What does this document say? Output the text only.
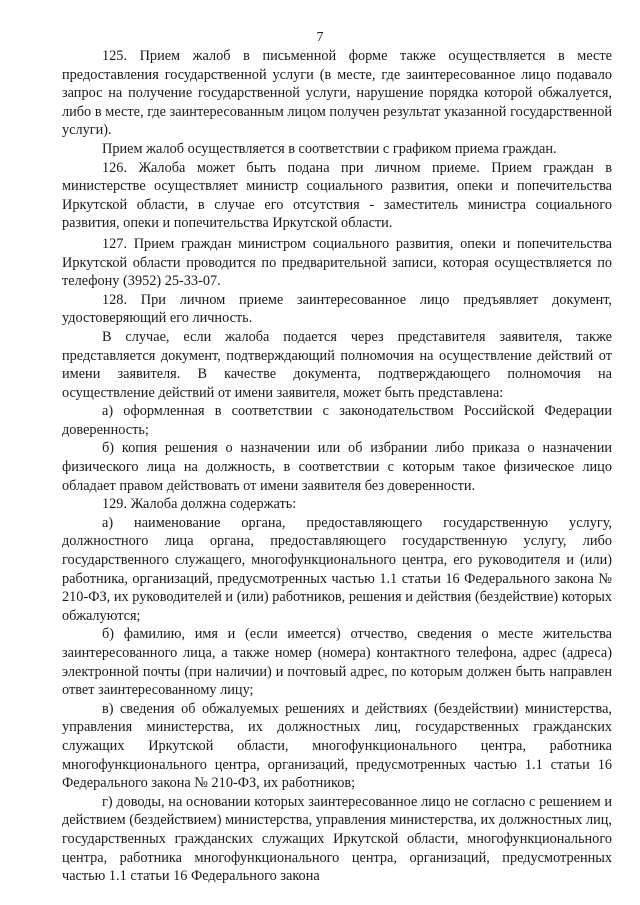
7

125. Прием жалоб в письменной форме также осуществляется в месте предоставления государственной услуги (в месте, где заинтересованное лицо подавало запрос на получение государственной услуги, нарушение порядка которой обжалуется, либо в месте, где заинтересованным лицом получен результат указанной государственной услуги).

Прием жалоб осуществляется в соответствии с графиком приема граждан.

126. Жалоба может быть подана при личном приеме. Прием граждан в министерстве осуществляет министр социального развития, опеки и попечительства Иркутской области, в случае его отсутствия - заместитель министра социального развития, опеки и попечительства Иркутской области.

127. Прием граждан министром социального развития, опеки и попечительства Иркутской области проводится по предварительной записи, которая осуществляется по телефону (3952) 25-33-07.

128. При личном приеме заинтересованное лицо предъявляет документ, удостоверяющий его личность.

В случае, если жалоба подается через представителя заявителя, также представляется документ, подтверждающий полномочия на осуществление действий от имени заявителя. В качестве документа, подтверждающего полномочия на осуществление действий от имени заявителя, может быть представлена:

а) оформленная в соответствии с законодательством Российской Федерации доверенность;

б) копия решения о назначении или об избрании либо приказа о назначении физического лица на должность, в соответствии с которым такое физическое лицо обладает правом действовать от имени заявителя без доверенности.

129. Жалоба должна содержать:

а) наименование органа, предоставляющего государственную услугу, должностного лица органа, предоставляющего государственную услугу, либо государственного служащего, многофункционального центра, его руководителя и (или) работника, организаций, предусмотренных частью 1.1 статьи 16 Федерального закона № 210-ФЗ, их руководителей и (или) работников, решения и действия (бездействие) которых обжалуются;

б) фамилию, имя и (если имеется) отчество, сведения о месте жительства заинтересованного лица, а также номер (номера) контактного телефона, адрес (адреса) электронной почты (при наличии) и почтовый адрес, по которым должен быть направлен ответ заинтересованному лицу;

в) сведения об обжалуемых решениях и действиях (бездействии) министерства, управления министерства, их должностных лиц, государственных гражданских служащих Иркутской области, многофункционального центра, работника многофункционального центра, организаций, предусмотренных частью 1.1 статьи 16 Федерального закона № 210-ФЗ, их работников;

г) доводы, на основании которых заинтересованное лицо не согласно с решением и действием (бездействием) министерства, управления министерства, их должностных лиц, государственных гражданских служащих Иркутской области, многофункционального центра, работника многофункционального центра, организаций, предусмотренных частью 1.1 статьи 16 Федерального закона
